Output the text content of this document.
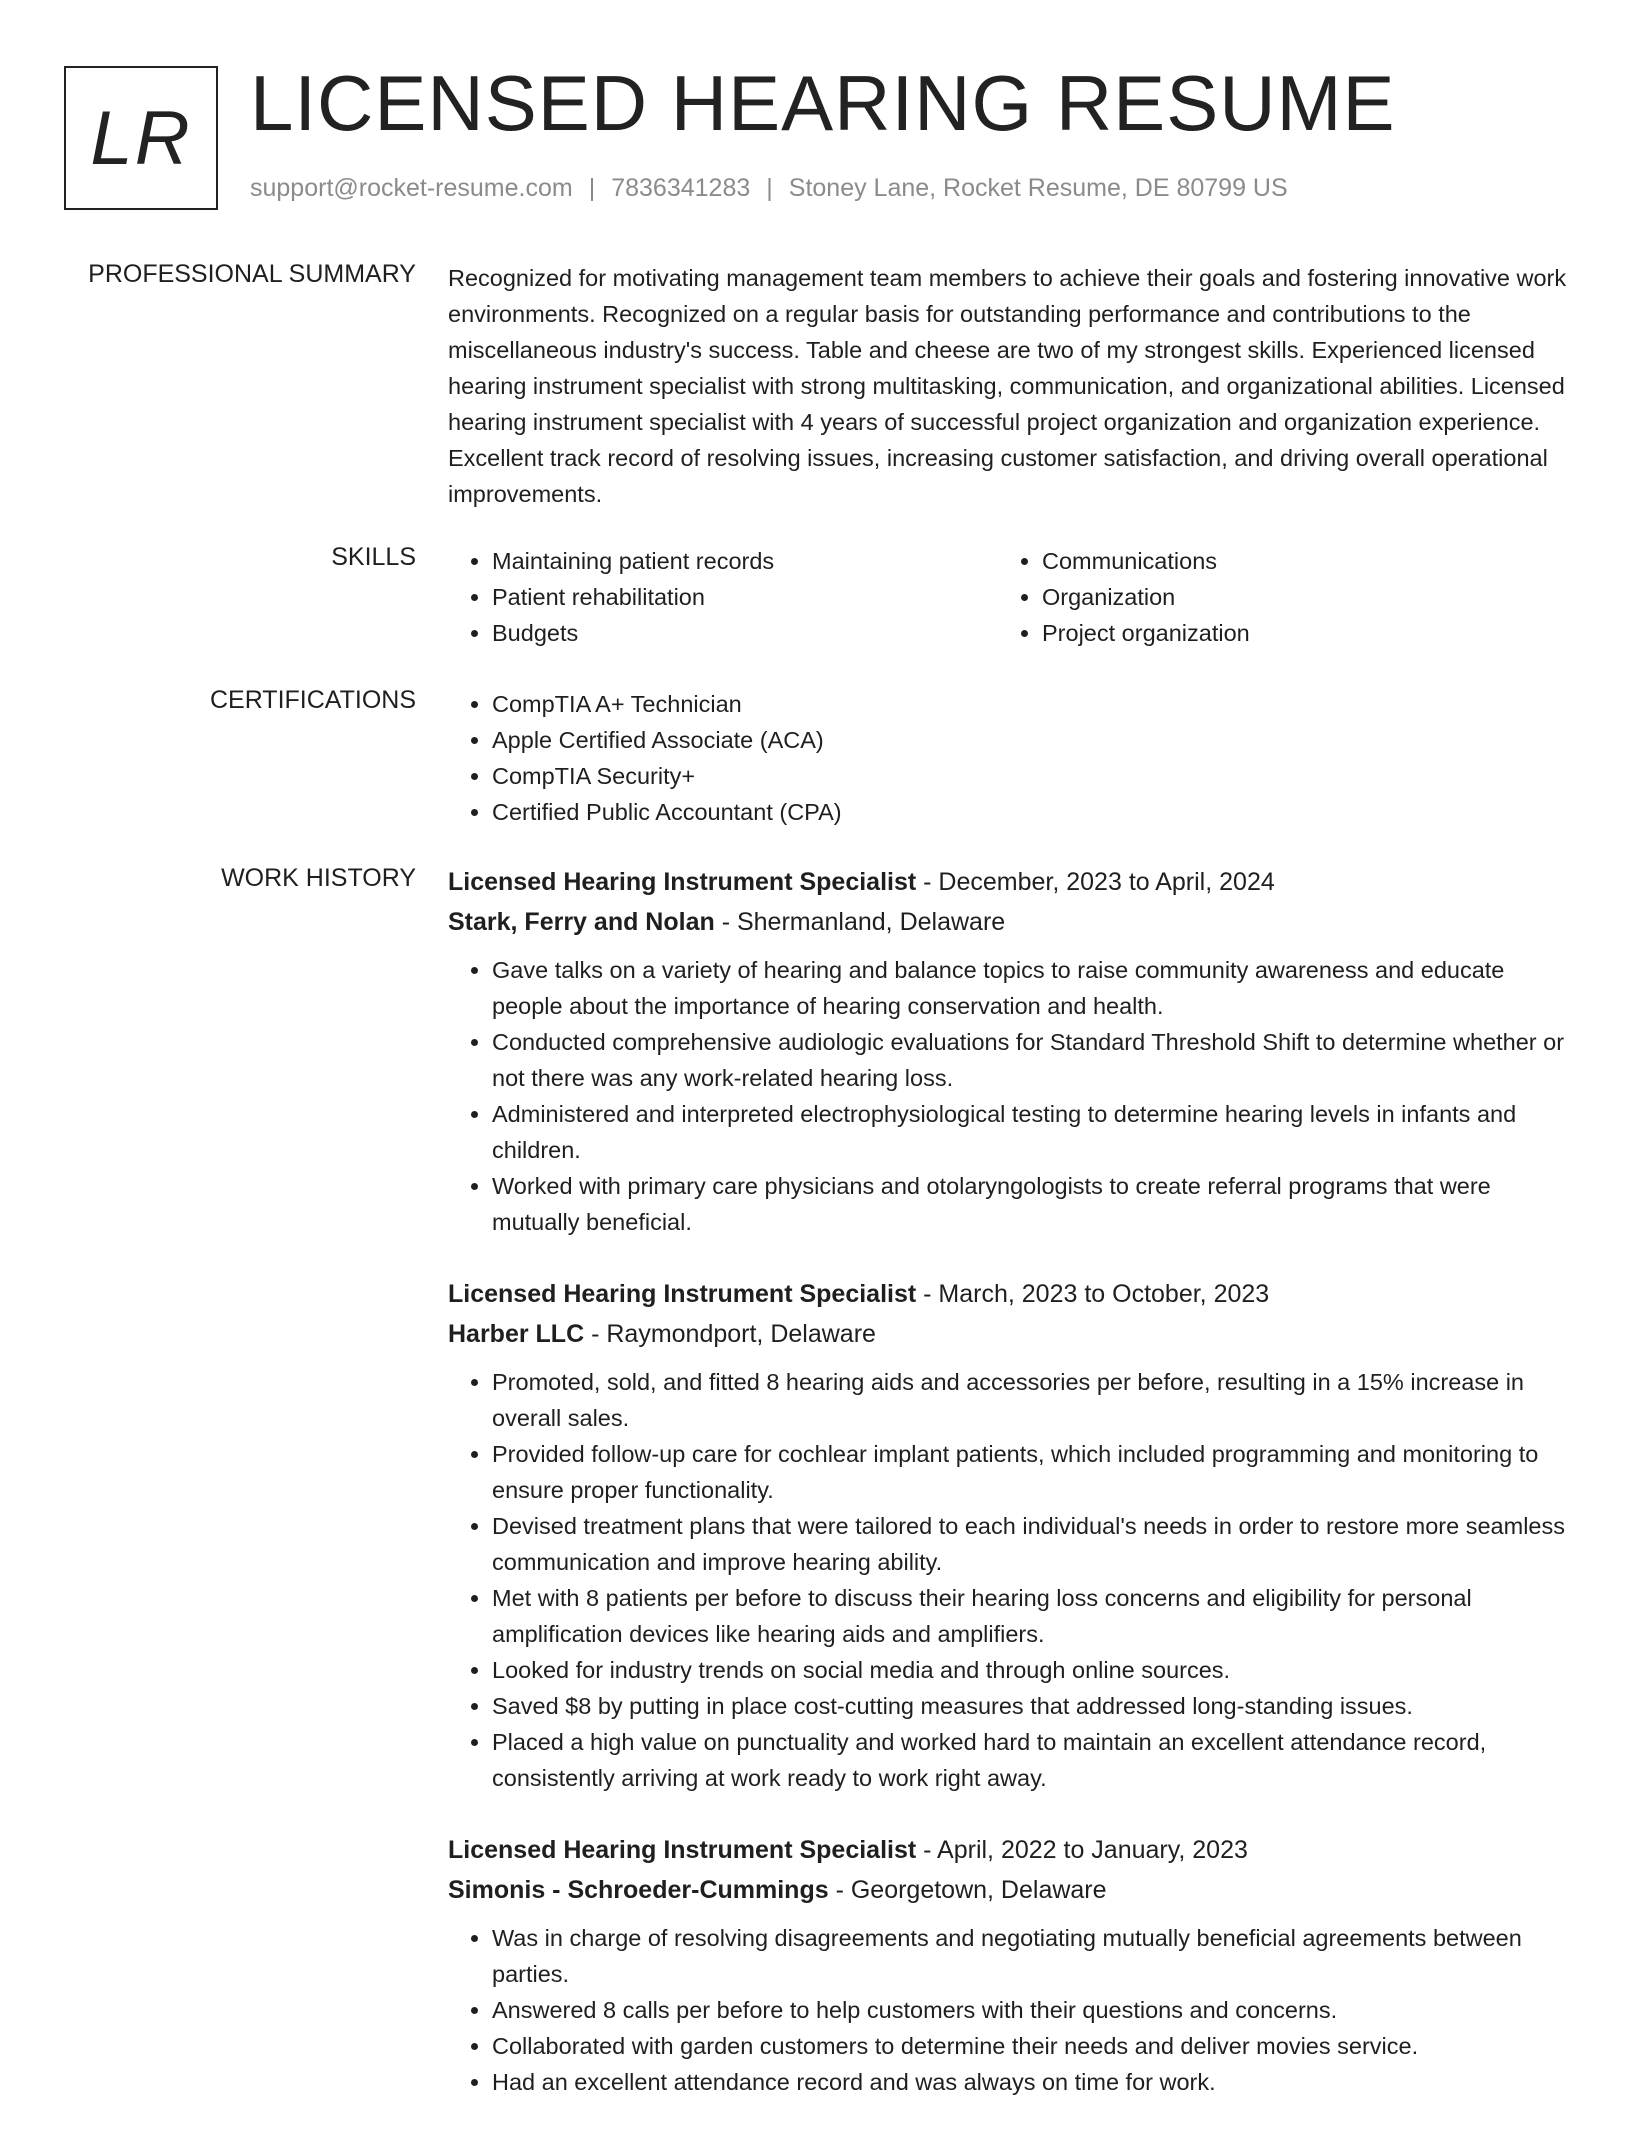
LR LICENSED HEARING RESUME
support@rocket-resume.com | 7836341283 | Stoney Lane, Rocket Resume, DE 80799 US
PROFESSIONAL SUMMARY Recognized for motivating management team members to achieve their goals and fostering innovative work environments. Recognized on a regular basis for outstanding performance and contributions to the miscellaneous industry's success. Table and cheese are two of my strongest skills. Experienced licensed hearing instrument specialist with strong multitasking, communication, and organizational abilities. Licensed hearing instrument specialist with 4 years of successful project organization and organization experience. Excellent track record of resolving issues, increasing customer satisfaction, and driving overall operational improvements.

SKILLS	• Maintaining patient records
• Patient rehabilitation
• Budgets
• Communications
• Organization
• Project organization
CERTIFICATIONS	• CompTIA A+ Technician
• Apple Certified Associate (ACA)
• CompTIA Security+
• Certified Public Accountant (CPA)
WORK HISTORY Licensed Hearing Instrument Specialist - December, 2023 to April, 2024
Stark, Ferry and Nolan - Shermanland, Delaware
• Gave talks on a variety of hearing and balance topics to raise community awareness and educate people about the importance of hearing conservation and health.
• Conducted comprehensive audiologic evaluations for Standard Threshold Shift to determine whether or not there was any work-related hearing loss.
• Administered and interpreted electrophysiological testing to determine hearing levels in infants and children.
• Worked with primary care physicians and otolaryngologists to create referral programs that were mutually beneficial.
Licensed Hearing Instrument Specialist - March, 2023 to October, 2023
Harber LLC - Raymondport, Delaware
• Promoted, sold, and fitted 8 hearing aids and accessories per before, resulting in a 15% increase in overall sales.
• Provided follow-up care for cochlear implant patients, which included programming and monitoring to ensure proper functionality.
• Devised treatment plans that were tailored to each individual's needs in order to restore more seamless communication and improve hearing ability.
• Met with 8 patients per before to discuss their hearing loss concerns and eligibility for personal amplification devices like hearing aids and amplifiers.
• Looked for industry trends on social media and through online sources.
• Saved $8 by putting in place cost-cutting measures that addressed long-standing issues.
• Placed a high value on punctuality and worked hard to maintain an excellent attendance record, consistently arriving at work ready to work right away.
Licensed Hearing Instrument Specialist - April, 2022 to January, 2023
Simonis - Schroeder-Cummings - Georgetown, Delaware
• Was in charge of resolving disagreements and negotiating mutually beneficial agreements between parties.
• Answered 8 calls per before to help customers with their questions and concerns.
• Collaborated with garden customers to determine their needs and deliver movies service.
• Had an excellent attendance record and was always on time for work.
